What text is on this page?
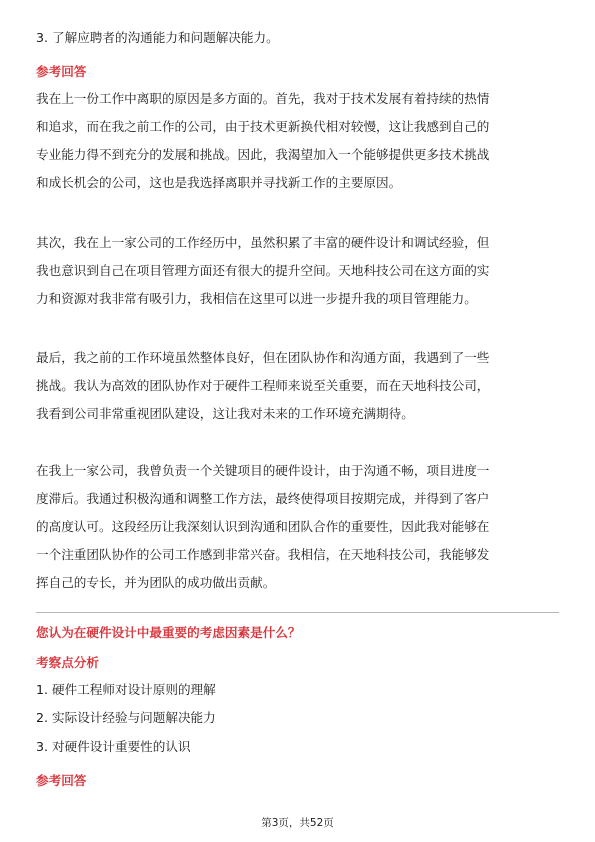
3. 了解应聘者的沟通能力和问题解决能力。

参考回答

我在上一份工作中离职的原因是多方面的。首先，我对于技术发展有着持续的热情
和追求，而在我之前工作的公司，由于技术更新换代相对较慢，这让我感到自己的
专业能力得不到充分的发展和挑战。因此，我渴望加入一个能够提供更多技术挑战
和成长机会的公司，这也是我选择离职并寻找新工作的主要原因。
其次，我在上一家公司的工作经历中，虽然积累了丰富的硬件设计和调试经验，但
我也意识到自己在项目管理方面还有很大的提升空间。天地科技公司在这方面的实
力和资源对我非常有吸引力，我相信在这里可以进一步提升我的项目管理能力。
最后，我之前的工作环境虽然整体良好，但在团队协作和沟通方面，我遇到了一些
挑战。我认为高效的团队协作对于硬件工程师来说至关重要，而在天地科技公司，
我看到公司非常重视团队建设，这让我对未来的工作环境充满期待。
在我上一家公司，我曾负责一个关键项目的硬件设计，由于沟通不畅，项目进度一
度滞后。我通过积极沟通和调整工作方法，最终使得项目按期完成，并得到了客户
的高度认可。这段经历让我深刻认识到沟通和团队合作的重要性，因此我对能够在
一个注重团队协作的公司工作感到非常兴奋。我相信，在天地科技公司，我能够发
挥自己的专长，并为团队的成功做出贡献。

您认为在硬件设计中最重要的考虑因素是什么？

考察点分析

1. 硬件工程师对设计原则的理解

2. 实际设计经验与问题解决能力

3. 对硬件设计重要性的认识

参考回答

第3页，共52页
